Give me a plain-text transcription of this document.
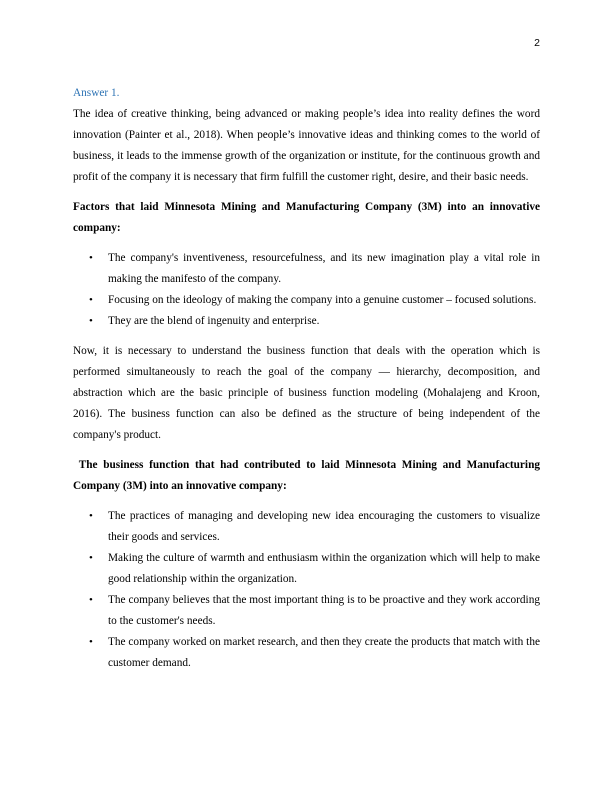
2

Answer 1.

The idea of creative thinking, being advanced or making people’s idea into reality defines the word innovation (Painter et al., 2018). When people’s innovative ideas and thinking comes to the world of business, it leads to the immense growth of the organization or institute, for the continuous growth and profit of the company it is necessary that firm fulfill the customer right, desire, and their basic needs.

Factors that laid Minnesota Mining and Manufacturing Company (3M) into an innovative company:

• The company's inventiveness, resourcefulness, and its new imagination play a vital role in making the manifesto of the company.
• Focusing on the ideology of making the company into a genuine customer – focused solutions.
• They are the blend of ingenuity and enterprise.

Now, it is necessary to understand the business function that deals with the operation which is performed simultaneously to reach the goal of the company — hierarchy, decomposition, and abstraction which are the basic principle of business function modeling (Mohalajeng and Kroon, 2016). The business function can also be defined as the structure of being independent of the company's product.

The business function that had contributed to laid Minnesota Mining and Manufacturing Company (3M) into an innovative company:

• The practices of managing and developing new idea encouraging the customers to visualize their goods and services.
• Making the culture of warmth and enthusiasm within the organization which will help to make good relationship within the organization.
• The company believes that the most important thing is to be proactive and they work according to the customer's needs.
• The company worked on market research, and then they create the products that match with the customer demand.
